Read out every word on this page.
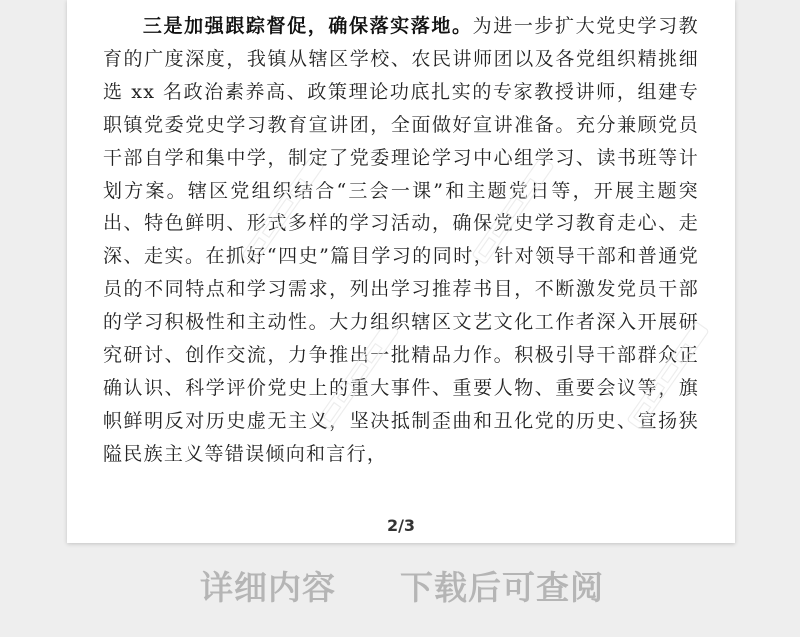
三是加强跟踪督促，确保落实落地。为进一步扩大党史学习教育的广度深度，我镇从辖区学校、农民讲师团以及各党组织精挑细选 xx 名政治素养高、政策理论功底扎实的专家教授讲师，组建专职镇党委党史学习教育宣讲团，全面做好宣讲准备。充分兼顾党员干部自学和集中学，制定了党委理论学习中心组学习、读书班等计划方案。辖区党组织结合“三会一课”和主题党日等，开展主题突出、特色鲜明、形式多样的学习活动，确保党史学习教育走心、走深、走实。在抓好“四史”篇目学习的同时，针对领导干部和普通党员的不同特点和学习需求，列出学习推荐书目，不断激发党员干部的学习积极性和主动性。大力组织辖区文艺文化工作者深入开展研究研讨、创作交流，力争推出一批精品力作。积极引导干部群众正确认识、科学评价党史上的重大事件、重要人物、重要会议等，旗帜鲜明反对历史虚无主义，坚决抵制歪曲和丑化党的历史、宣扬狭隘民族主义等错误倾向和言行，

2/3
详细内容 下载后可查阅
